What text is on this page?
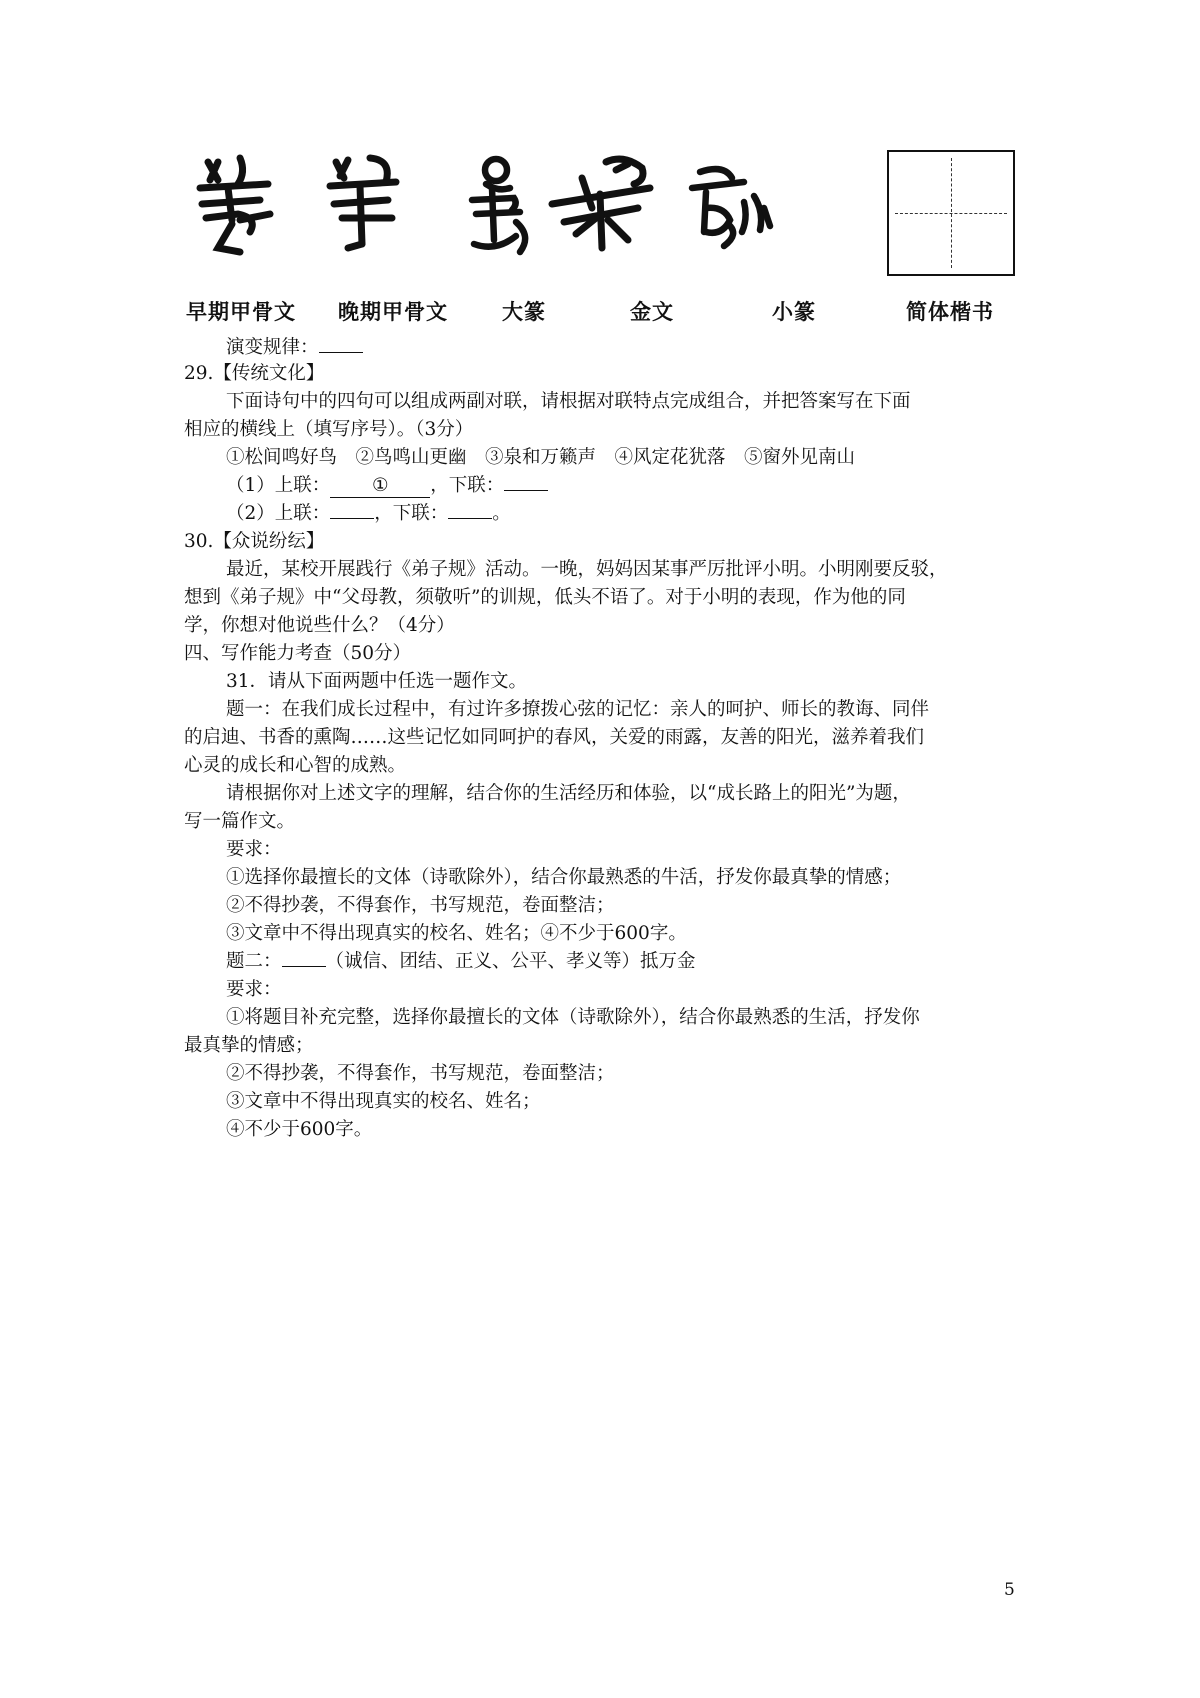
早期甲骨文 晚期甲骨文	大篆	金文	小篆	简体楷书
演变规律：
29.【传统文化】
下面诗句中的四句可以组成两副对联，请根据对联特点完成组合，并把答案写在下面
相应的横线上（填写序号）。（3分）
①松间鸣好鸟　②鸟鸣山更幽　③泉和万籁声　④风定花犹落　⑤窗外见南山
（1）上联： ① ，下联：
（2）上联： ，下联： 。
30.【众说纷纭】
最近，某校开展践行《弟子规》活动。一晚，妈妈因某事严厉批评小明。小明刚要反驳，
想到《弟子规》中“父母教，须敬听”的训规，低头不语了。对于小明的表现，作为他的同
学，你想对他说些什么？（4分）
四、写作能力考查（50分）
31．请从下面两题中任选一题作文。
题一：在我们成长过程中，有过许多撩拨心弦的记忆：亲人的呵护、师长的教诲、同伴
的启迪、书香的熏陶……这些记忆如同呵护的春风，关爱的雨露，友善的阳光，滋养着我们
心灵的成长和心智的成熟。
请根据你对上述文字的理解，结合你的生活经历和体验，以“成长路上的阳光”为题，
写一篇作文。
要求：
①选择你最擅长的文体（诗歌除外），结合你最熟悉的牛活，抒发你最真挚的情感；
②不得抄袭，不得套作，书写规范，卷面整洁；
③文章中不得出现真实的校名、姓名；④不少于600字。
题二： （诚信、团结、正义、公平、孝义等）抵万金
要求：
①将题目补充完整，选择你最擅长的文体（诗歌除外），结合你最熟悉的生活，抒发你
最真挚的情感；
②不得抄袭，不得套作，书写规范，卷面整洁；
③文章中不得出现真实的校名、姓名；
④不少于600字。
5
